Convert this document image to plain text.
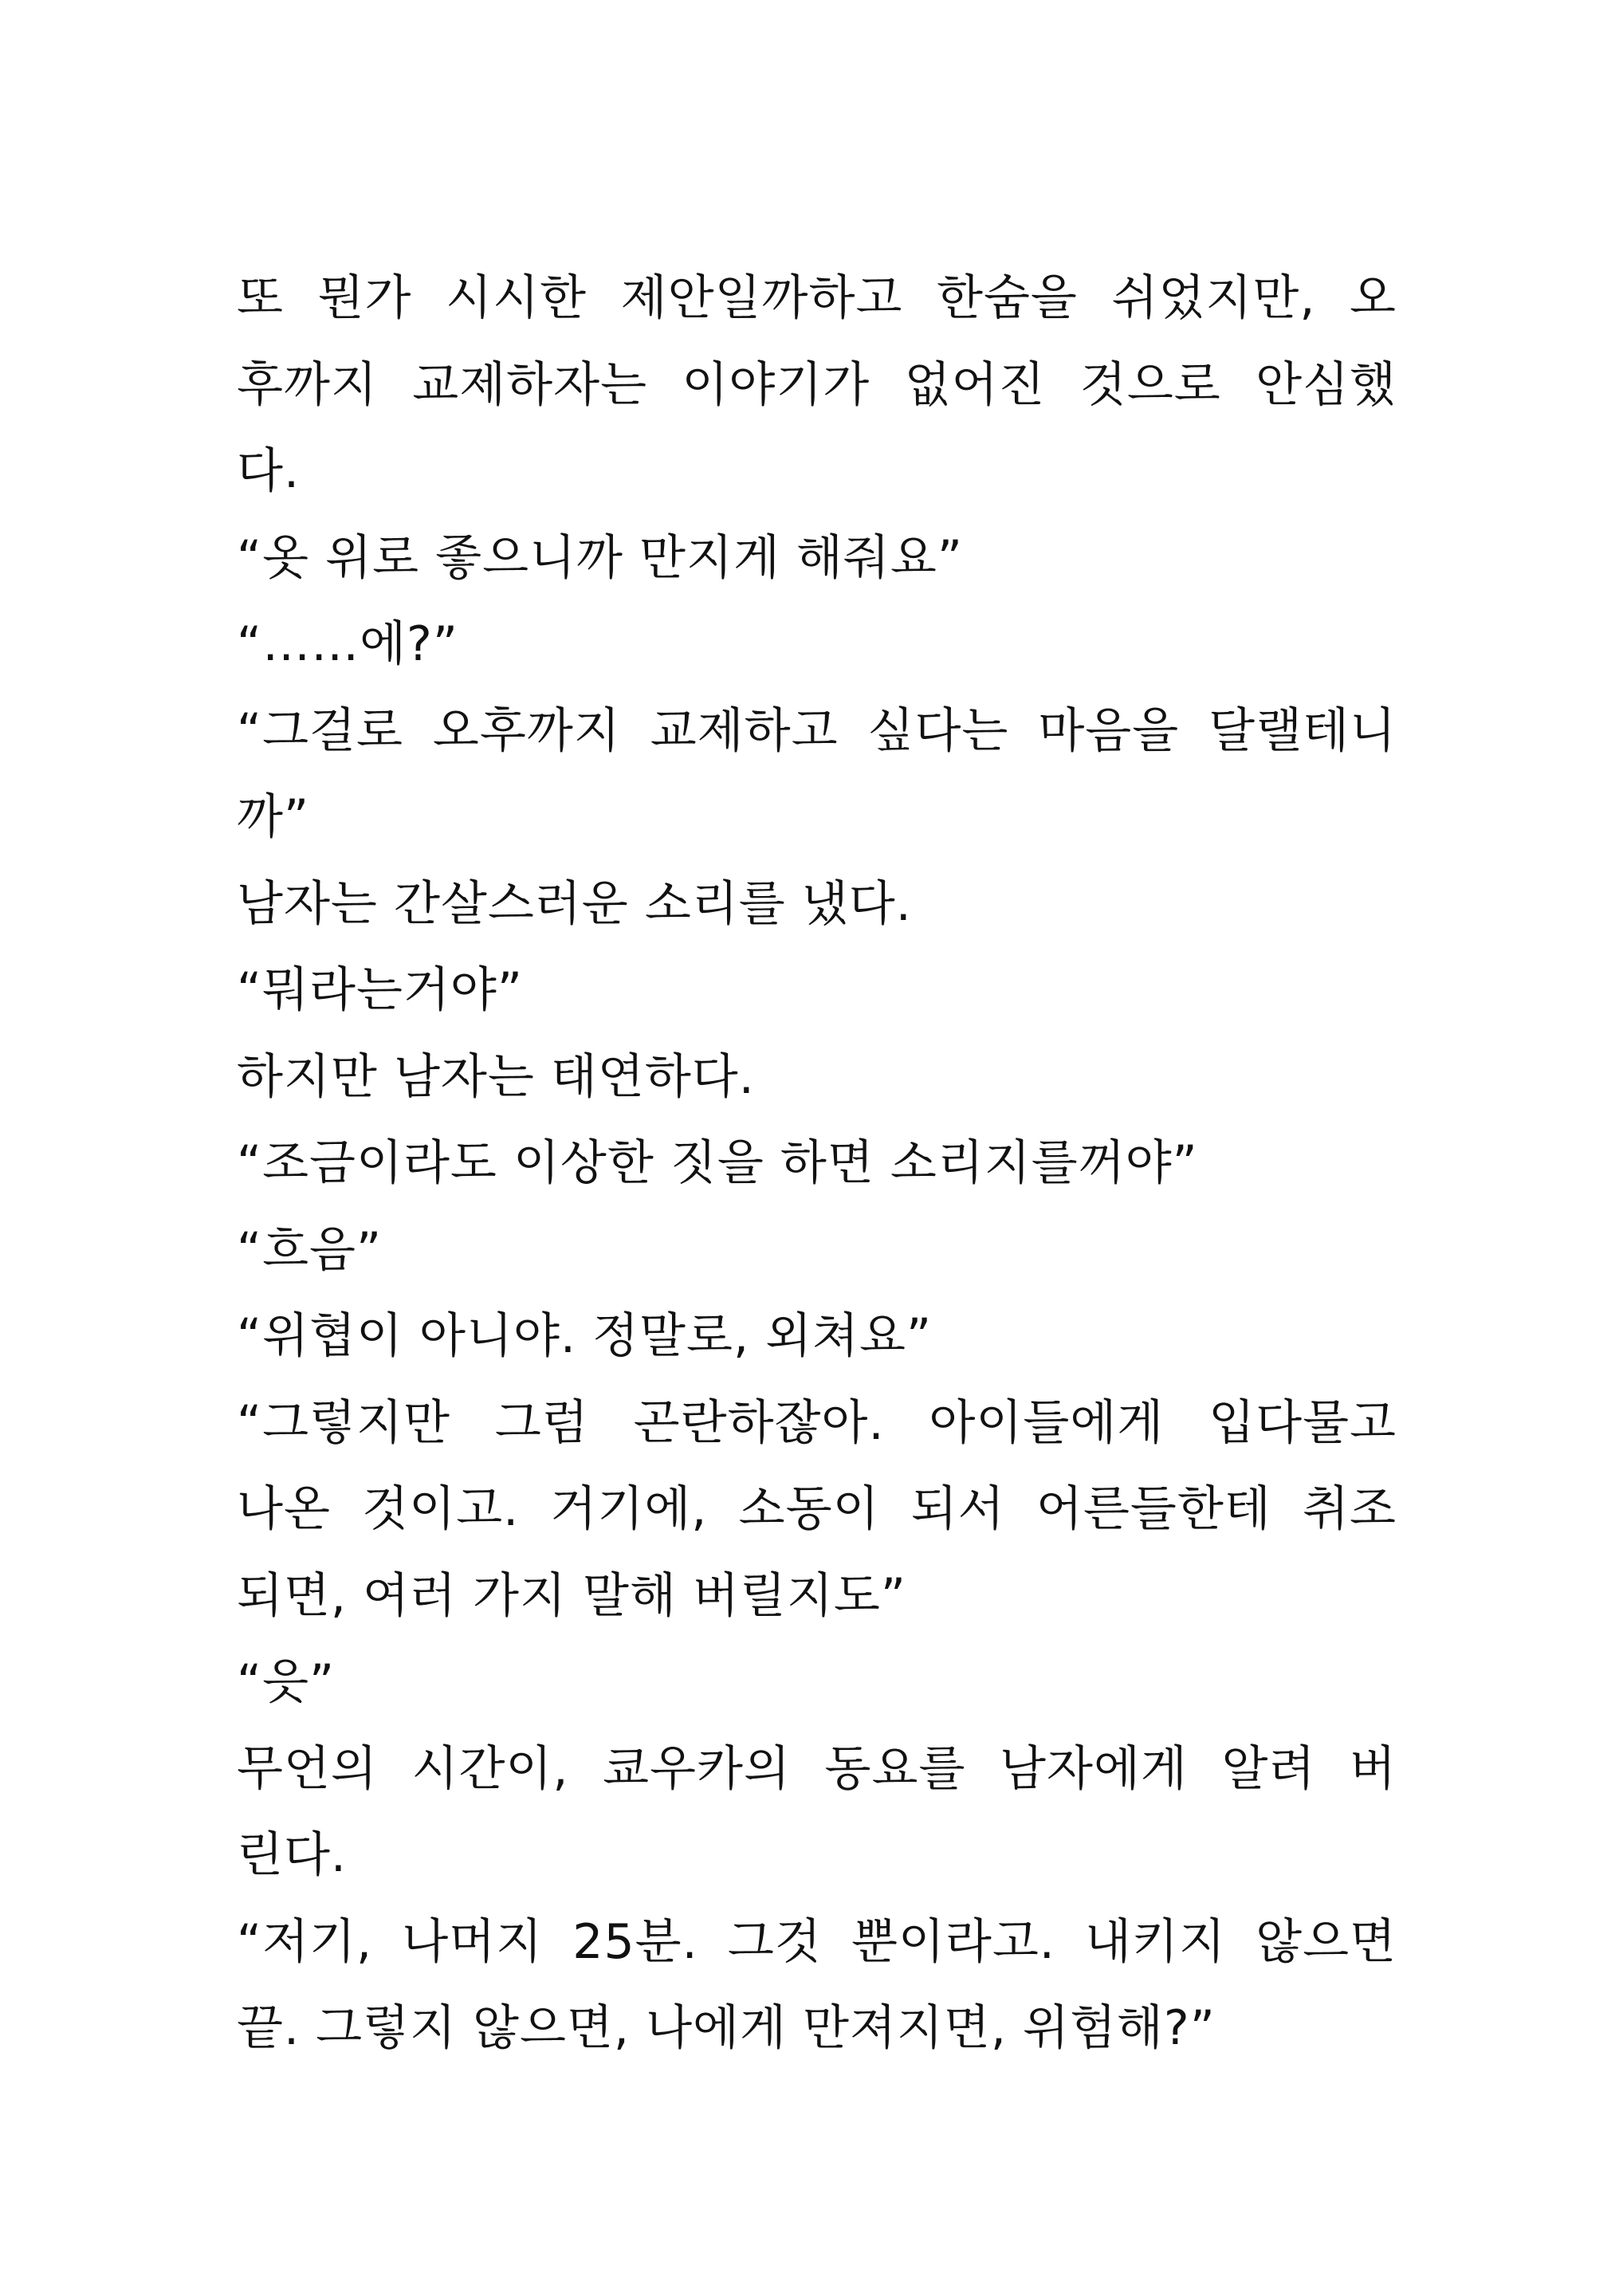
또 뭔가 시시한 제안일까하고 한숨을 쉬었지만, 오
후까지 교제하자는 이야기가 없어진 것으로 안심했
다.
“옷 위로 좋으니까 만지게 해줘요”
“……에?”
“그걸로 오후까지 교제하고 싶다는 마음을 달랠테니
까”
남자는 간살스러운 소리를 냈다.
“뭐라는거야”
하지만 남자는 태연하다.
“조금이라도 이상한 짓을 하면 소리지를꺼야”
“흐음”
“위협이 아니야. 정말로, 외쳐요”
“그렇지만 그럼 곤란하잖아. 아이들에게 입다물고
나온 것이고. 거기에, 소동이 되서 어른들한테 취조
되면, 여러 가지 말해 버릴지도”
“읏”
무언의 시간이, 쿄우카의 동요를 남자에게 알려 버
린다.
“저기, 나머지 25분. 그것 뿐이라고. 내키지 않으면
끝. 그렇지 않으면, 나에게 만져지면, 위험해?”
